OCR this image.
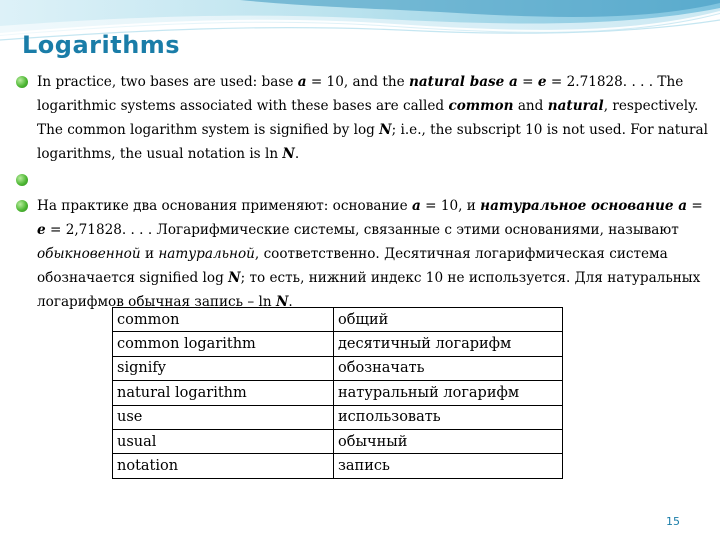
Logarithms

In practice, two bases are used: base a = 10, and the natural base a = e = 2.71828. . . . The logarithmic systems associated with these bases are called common and natural, respectively. The common logarithm system is signified by log N; i.e., the subscript 10 is not used. For natural logarithms, the usual notation is ln N.

На практике два основания применяют: основание a = 10, и натуральное основание a = e = 2,71828. . . . Логарифмические системы, связанные с этими основаниями, называют обыкновенной и натуральной, соответственно. Десятичная логарифмическая система обозначается signified log N; то есть, нижний индекс 10 не используется. Для натуральных логарифмов обычная запись – ln N.

common	общий
common logarithm	десятичный логарифм
signify	обозначать
natural logarithm	натуральный логарифм
use	использовать
usual	обычный
notation	запись
15
